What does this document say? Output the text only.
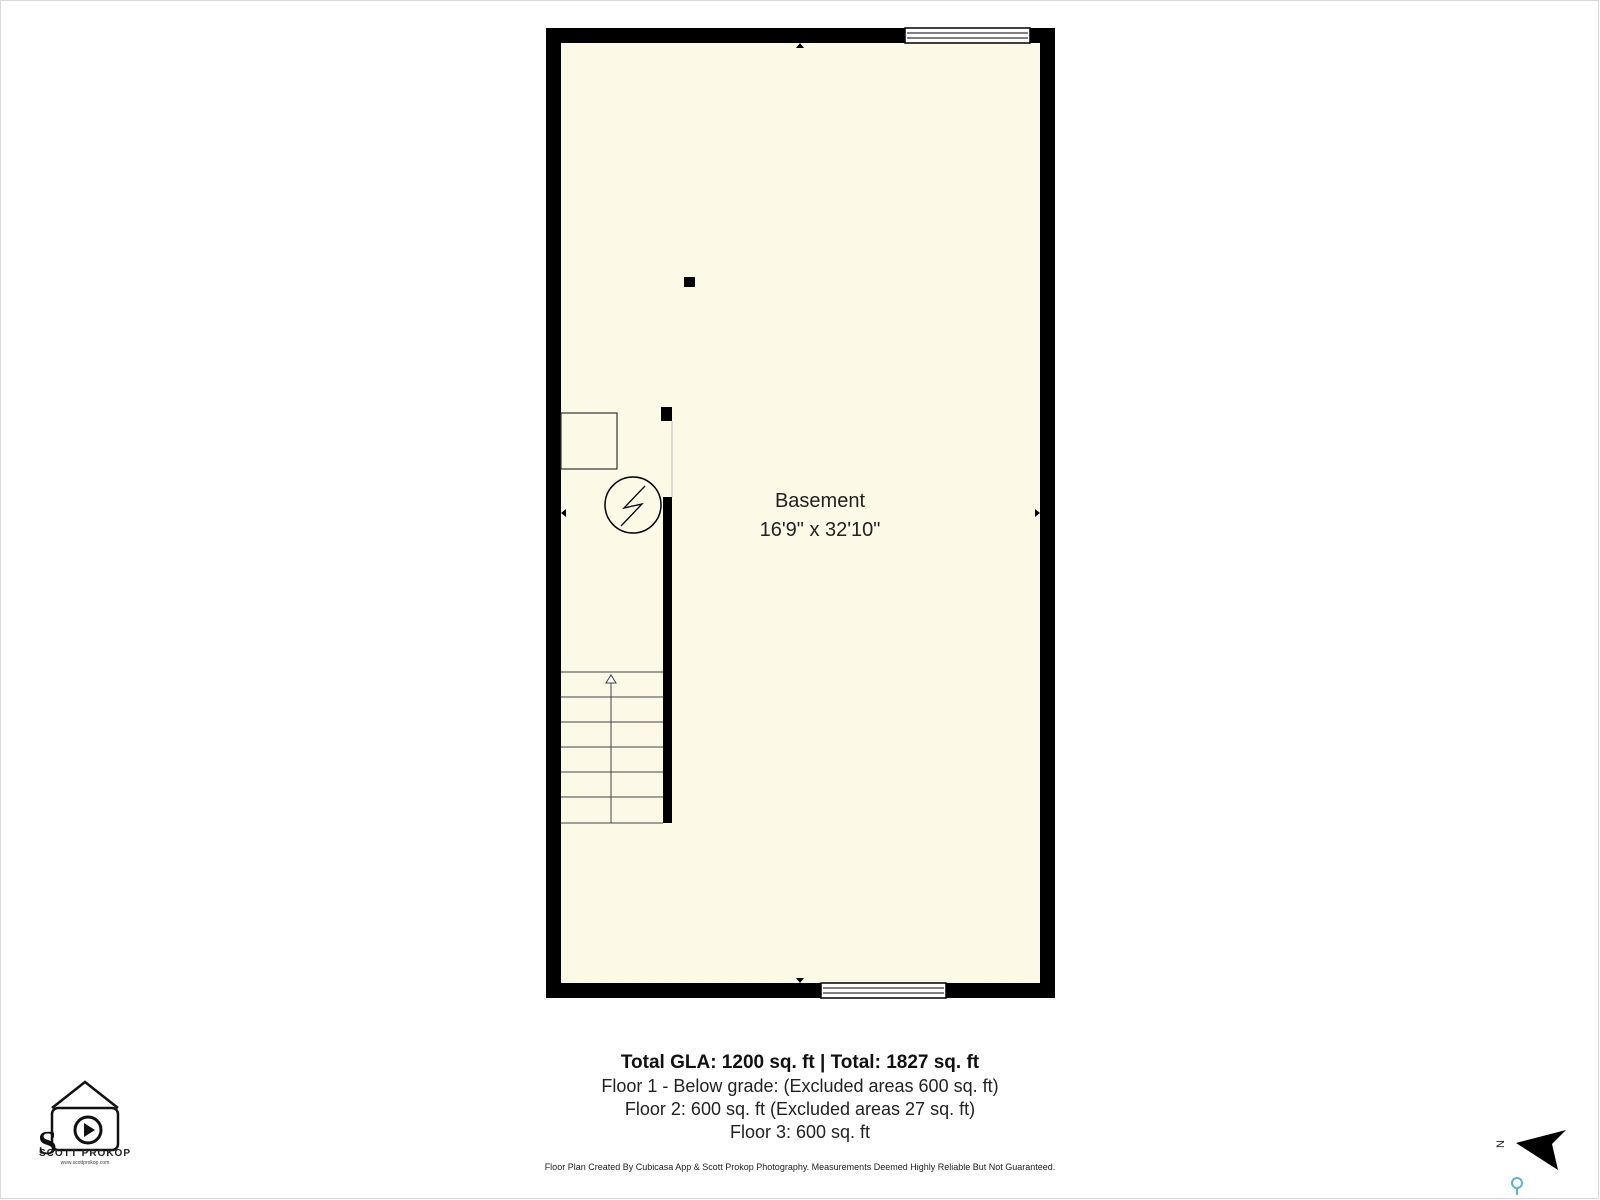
Basement
16'9" x 32'10"
Total GLA: 1200 sq. ft | Total: 1827 sq. ft
Floor 1 - Below grade: (Excluded areas 600 sq. ft)
Floor 2: 600 sq. ft (Excluded areas 27 sq. ft)
Floor 3: 600 sq. ft
Floor Plan Created By Cubicasa App & Scott Prokop Photography. Measurements Deemed Highly Reliable But Not Guaranteed.
S
SCOTT PROKOP
www.scottprokop.com
N
